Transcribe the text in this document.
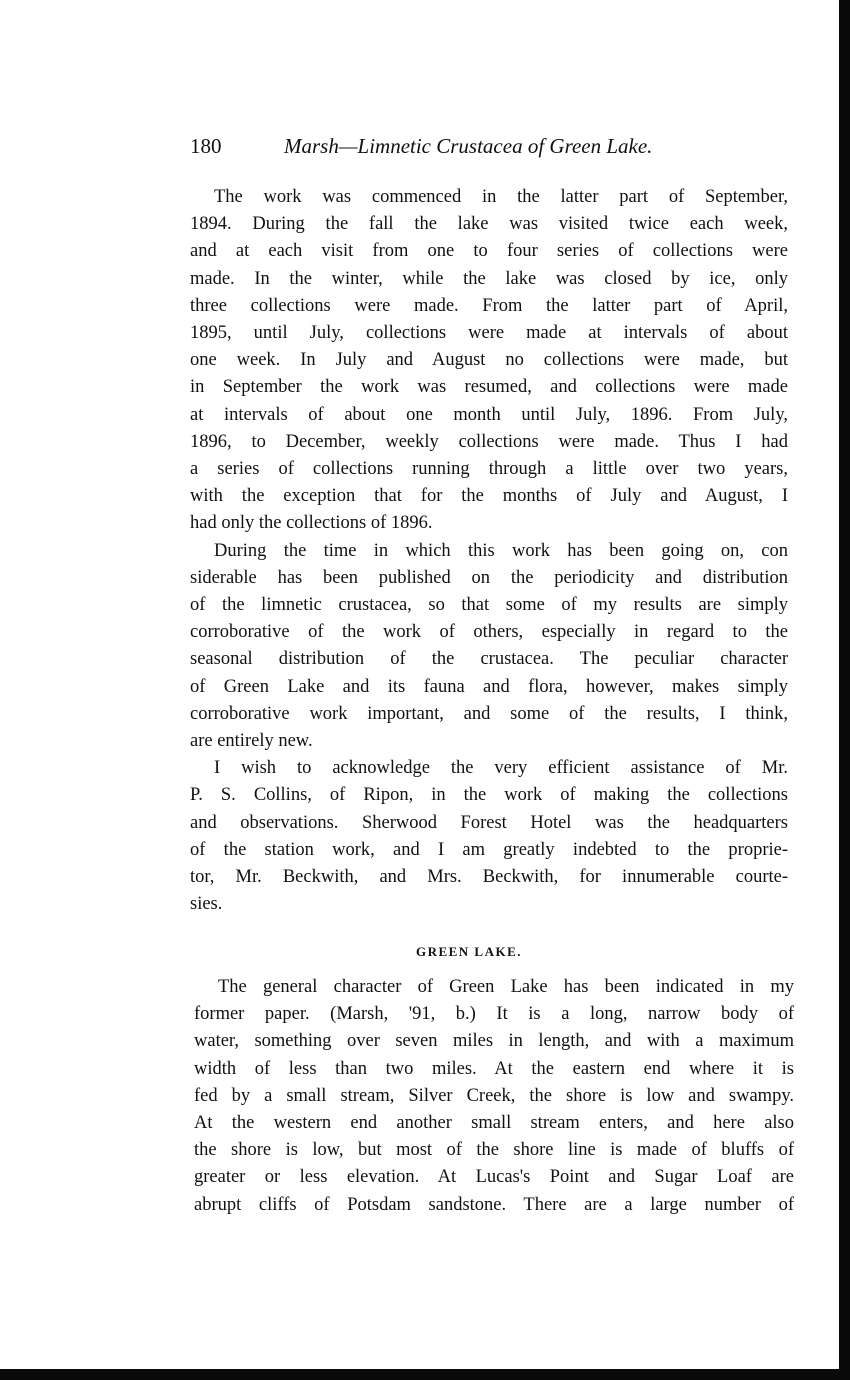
180	Marsh—Limnetic Crustacea of Green Lake.
The work was commenced in the latter part of September,
1894. During the fall the lake was visited twice each week,
and at each visit from one to four series of collections were
made. In the winter, while the lake was closed by ice, only
three collections were made. From the latter part of April,
1895, until July, collections were made at intervals of about
one week. In July and August no collections were made, but
in September the work was resumed, and collections were made
at intervals of about one month until July, 1896. From July,
1896, to December, weekly collections were made. Thus I had
a series of collections running through a little over two years,
with the exception that for the months of July and August, I
had only the collections of 1896.
During the time in which this work has been going on, con
siderable has been published on the periodicity and distribution
of the limnetic crustacea, so that some of my results are simply
corroborative of the work of others, especially in regard to the
seasonal distribution of the crustacea. The peculiar character
of Green Lake and its fauna and flora, however, makes simply
corroborative work important, and some of the results, I think,
are entirely new.
I wish to acknowledge the very efficient assistance of Mr.
P. S. Collins, of Ripon, in the work of making the collections
and observations. Sherwood Forest Hotel was the headquarters
of the station work, and I am greatly indebted to the proprie-
tor, Mr. Beckwith, and Mrs. Beckwith, for innumerable courte-
sies.
GREEN LAKE.
The general character of Green Lake has been indicated in my
former paper. (Marsh, '91, b.) It is a long, narrow body of
water, something over seven miles in length, and with a maximum
width of less than two miles. At the eastern end where it is
fed by a small stream, Silver Creek, the shore is low and swampy.
At the western end another small stream enters, and here also
the shore is low, but most of the shore line is made of bluffs of
greater or less elevation. At Lucas's Point and Sugar Loaf are
abrupt cliffs of Potsdam sandstone. There are a large number of
